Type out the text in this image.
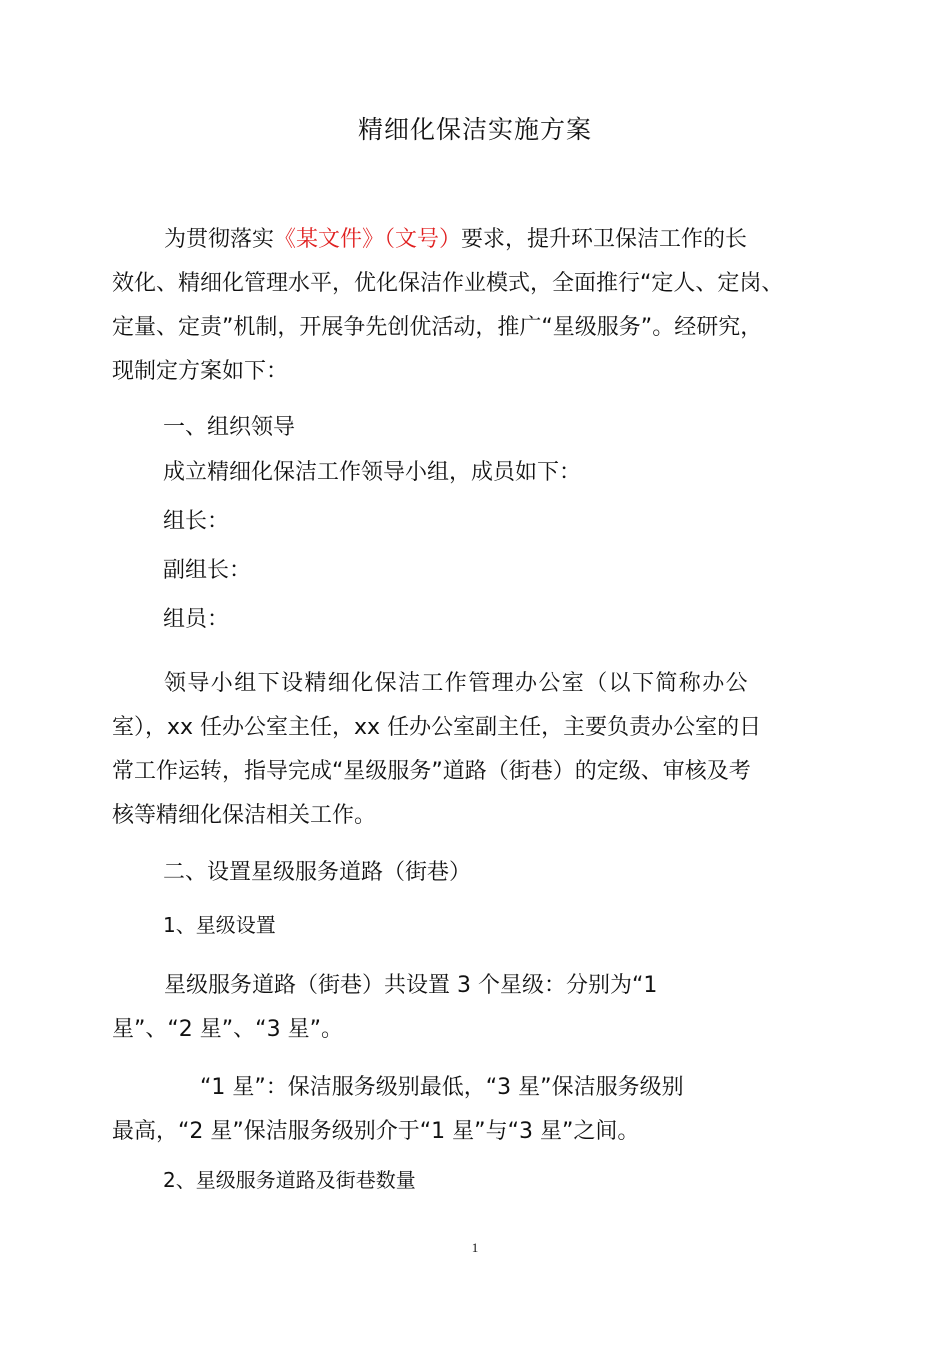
精细化保洁实施方案
为贯彻落实《某文件》（文号）要求，提升环卫保洁工作的长
效化、精细化管理水平，优化保洁作业模式，全面推行“定人、定岗、
定量、定责”机制，开展争先创优活动，推广“星级服务”。经研究，
现制定方案如下：
一、组织领导
成立精细化保洁工作领导小组，成员如下：
组长：
副组长：
组员：
领导小组下设精细化保洁工作管理办公室（以下简称办公
室），xx 任办公室主任，xx 任办公室副主任，主要负责办公室的日
常工作运转，指导完成“星级服务”道路（街巷）的定级、审核及考
核等精细化保洁相关工作。
二、设置星级服务道路（街巷）
1、星级设置
星级服务道路（街巷）共设置 3 个星级：分别为“1
星”、“2 星”、“3 星”。
“1 星”：保洁服务级别最低，“3 星”保洁服务级别
最高，“2 星”保洁服务级别介于“1 星”与“3 星”之间。
2、星级服务道路及街巷数量
1
